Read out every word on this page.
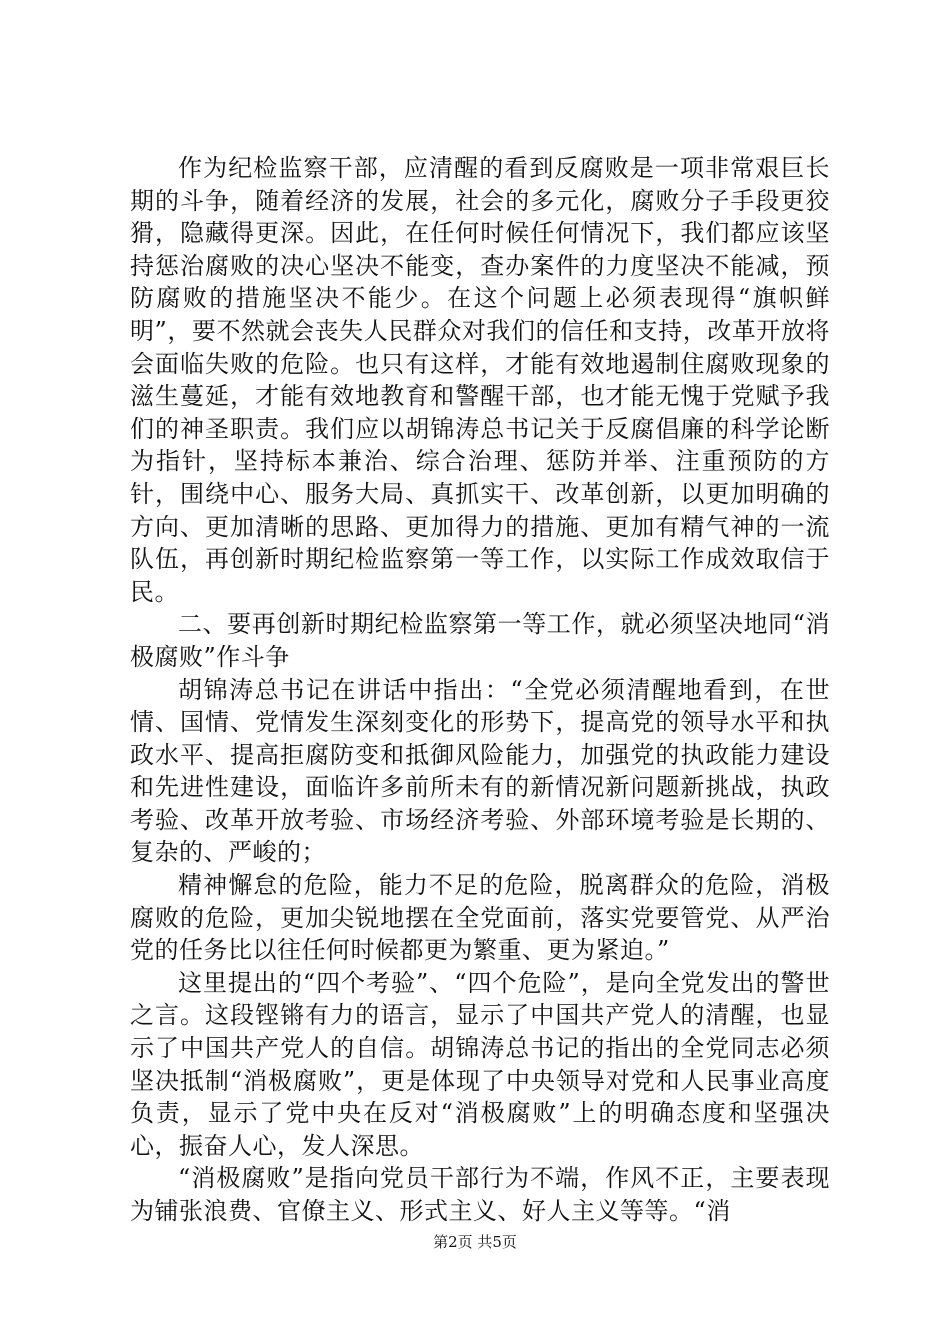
作为纪检监察干部，应清醒的看到反腐败是一项非常艰巨长期的斗争，随着经济的发展，社会的多元化，腐败分子手段更狡猾，隐藏得更深。因此，在任何时候任何情况下，我们都应该坚持惩治腐败的决心坚决不能变，查办案件的力度坚决不能减，预防腐败的措施坚决不能少。在这个问题上必须表现得“旗帜鲜明”，要不然就会丧失人民群众对我们的信任和支持，改革开放将会面临失败的危险。也只有这样，才能有效地遏制住腐败现象的滋生蔓延，才能有效地教育和警醒干部，也才能无愧于党赋予我们的神圣职责。我们应以胡锦涛总书记关于反腐倡廉的科学论断为指针，坚持标本兼治、综合治理、惩防并举、注重预防的方针，围绕中心、服务大局、真抓实干、改革创新，以更加明确的方向、更加清晰的思路、更加得力的措施、更加有精气神的一流队伍，再创新时期纪检监察第一等工作，以实际工作成效取信于民。

二、要再创新时期纪检监察第一等工作，就必须坚决地同“消极腐败”作斗争

胡锦涛总书记在讲话中指出：“全党必须清醒地看到，在世情、国情、党情发生深刻变化的形势下，提高党的领导水平和执政水平、提高拒腐防变和抵御风险能力，加强党的执政能力建设和先进性建设，面临许多前所未有的新情况新问题新挑战，执政考验、改革开放考验、市场经济考验、外部环境考验是长期的、复杂的、严峻的；

精神懈怠的危险，能力不足的危险，脱离群众的危险，消极腐败的危险，更加尖锐地摆在全党面前，落实党要管党、从严治党的任务比以往任何时候都更为繁重、更为紧迫。”

这里提出的“四个考验”、“四个危险”，是向全党发出的警世之言。这段铿锵有力的语言，显示了中国共产党人的清醒，也显示了中国共产党人的自信。胡锦涛总书记的指出的全党同志必须坚决抵制“消极腐败”，更是体现了中央领导对党和人民事业高度负责，显示了党中央在反对“消极腐败”上的明确态度和坚强决心，振奋人心，发人深思。

“消极腐败”是指向党员干部行为不端，作风不正，主要表现为铺张浪费、官僚主义、形式主义、好人主义等等。“消

第2页 共5页
